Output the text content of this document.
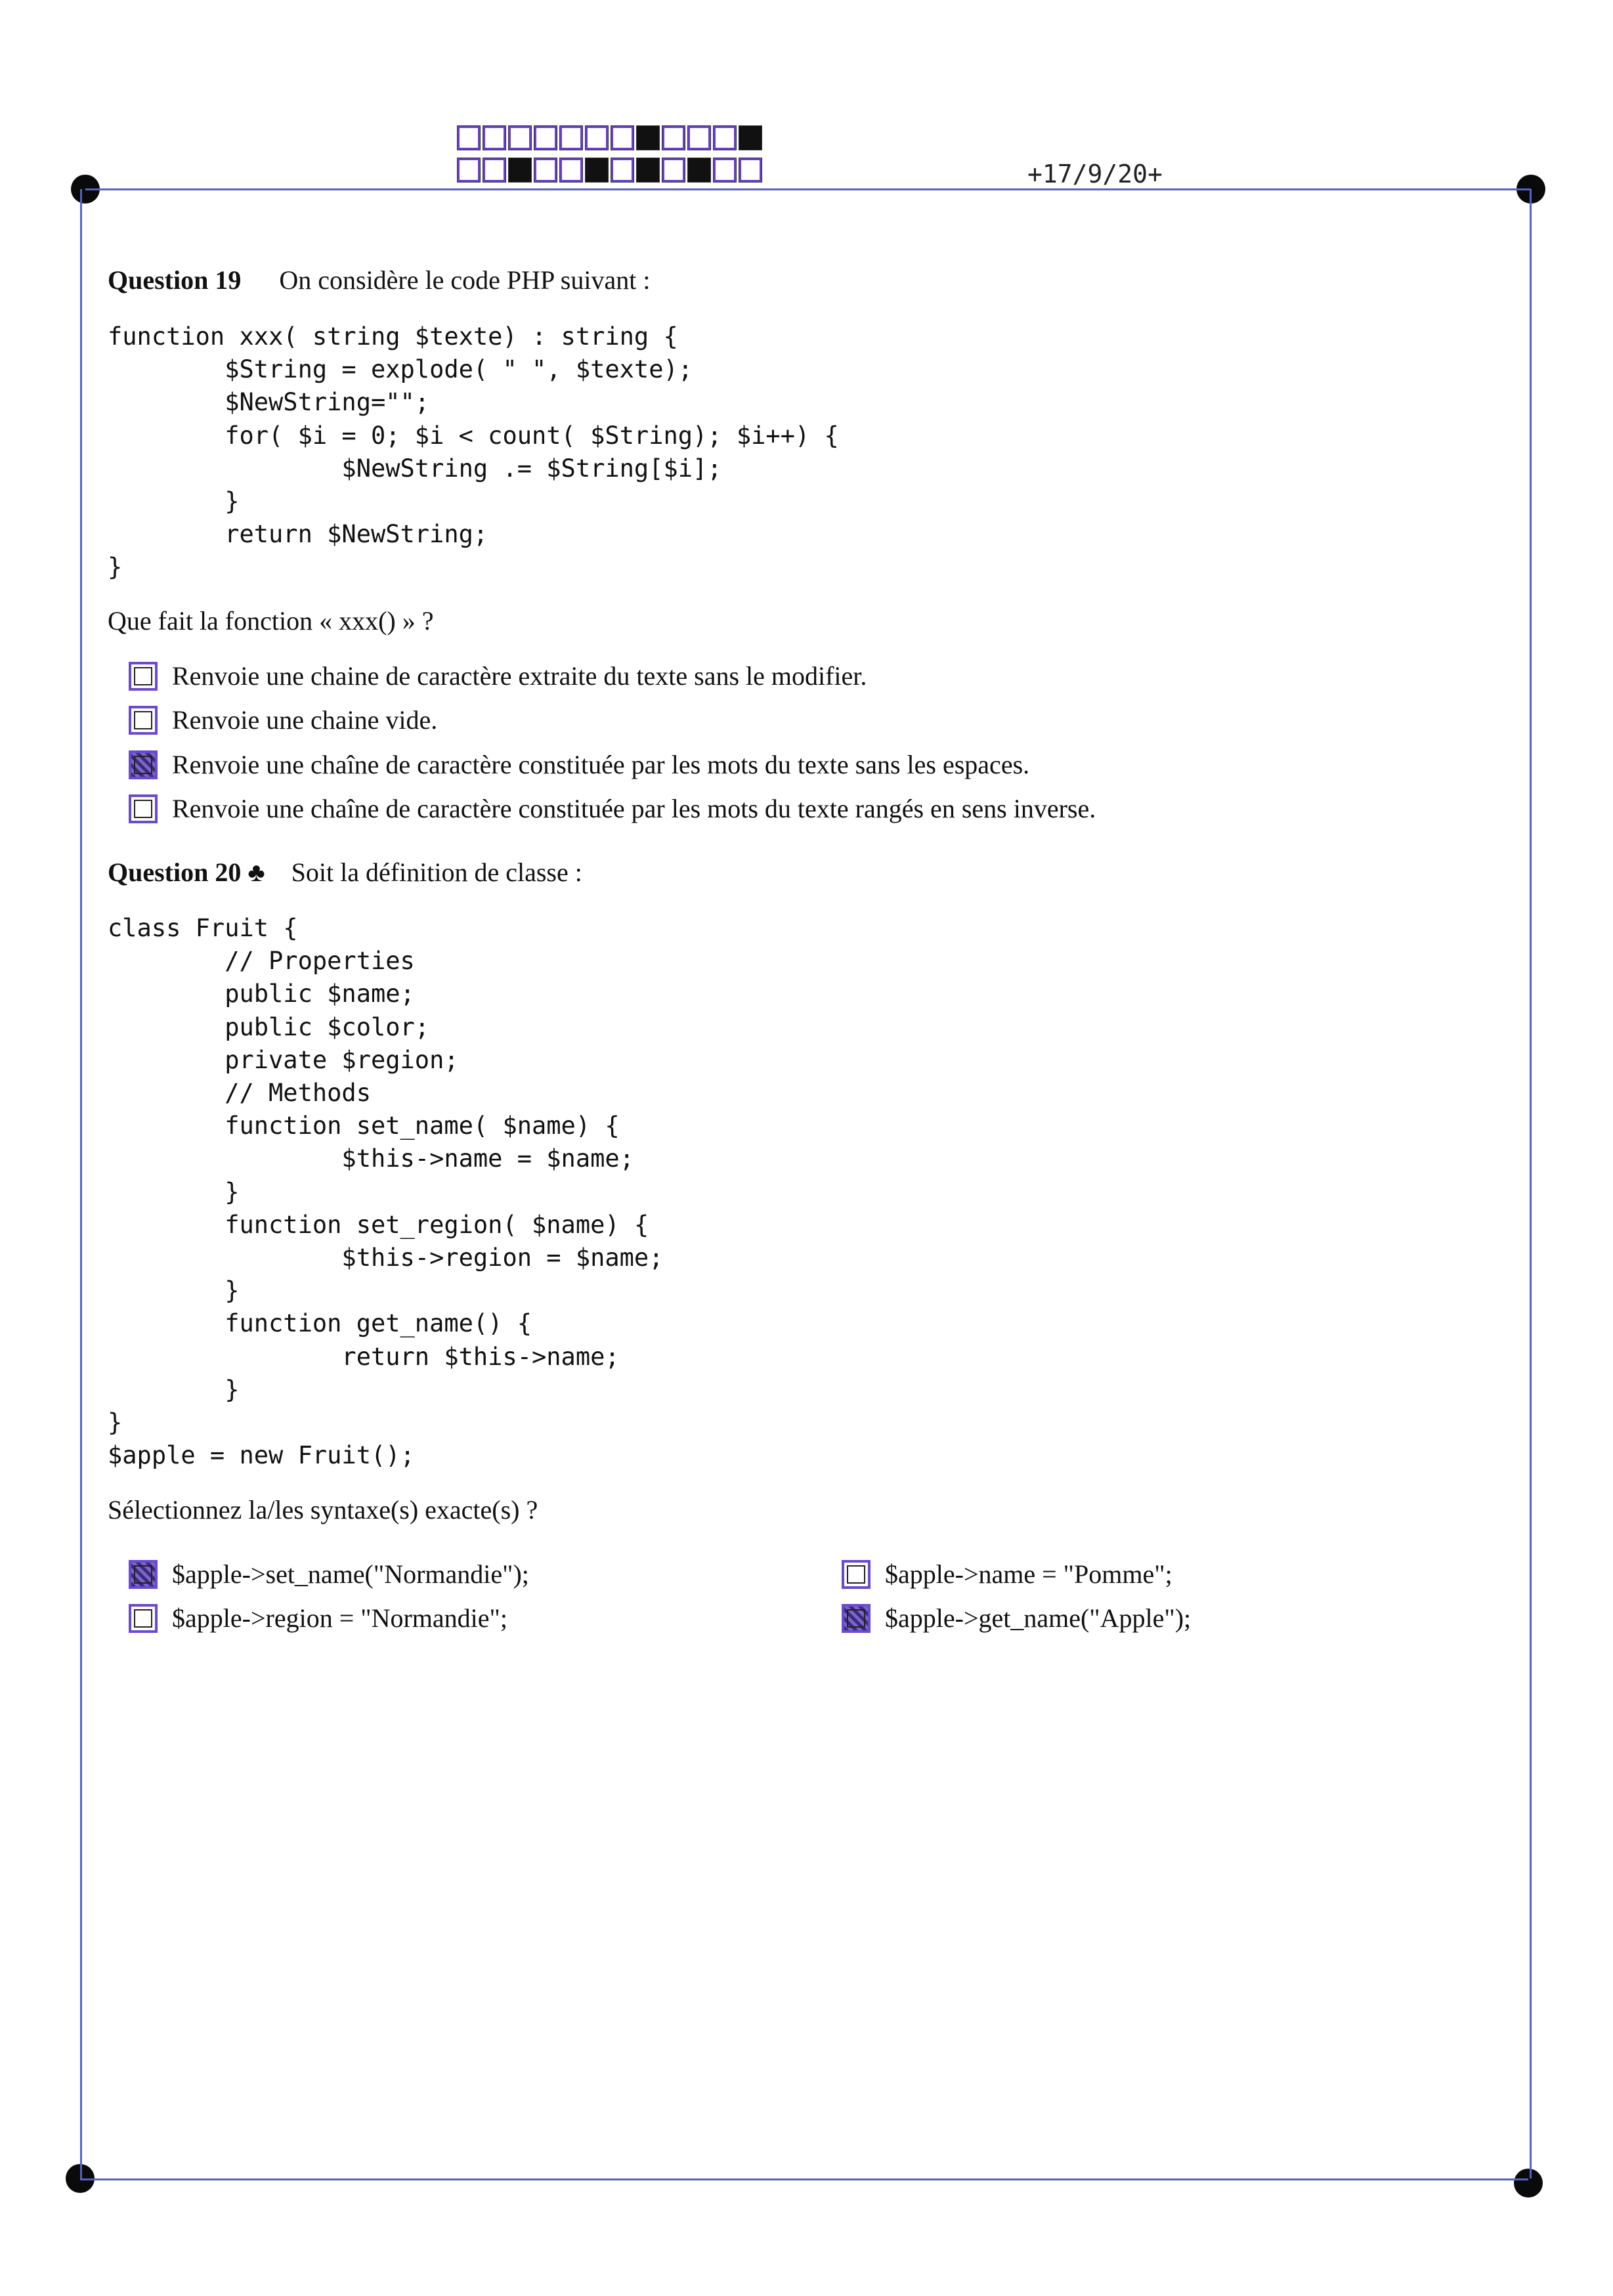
+17/9/20+
Question 19 On considère le code PHP suivant :
function xxx( string $texte) : string {
$String = explode( " ", $texte);
$NewString="";
for( $i = 0; $i < count( $String); $i++) {
$NewString .= $String[$i];
}
return $NewString;
}
Que fait la fonction « xxx() » ?
Renvoie une chaine de caractère extraite du texte sans le modifier.
Renvoie une chaine vide.
Renvoie une chaîne de caractère constituée par les mots du texte sans les espaces.
Renvoie une chaîne de caractère constituée par les mots du texte rangés en sens inverse.
Question 20 ♣ Soit la définition de classe :
class Fruit {
// Properties
public $name;
public $color;
private $region;
// Methods
function set_name( $name) {
$this->name = $name;
}
function set_region( $name) {
$this->region = $name;
}
function get_name() {
return $this->name;
}
}
$apple = new Fruit();
Sélectionnez la/les syntaxe(s) exacte(s) ?
$apple->set_name("Normandie");
$apple->region = "Normandie";
$apple->name = "Pomme";
$apple->get_name("Apple");
